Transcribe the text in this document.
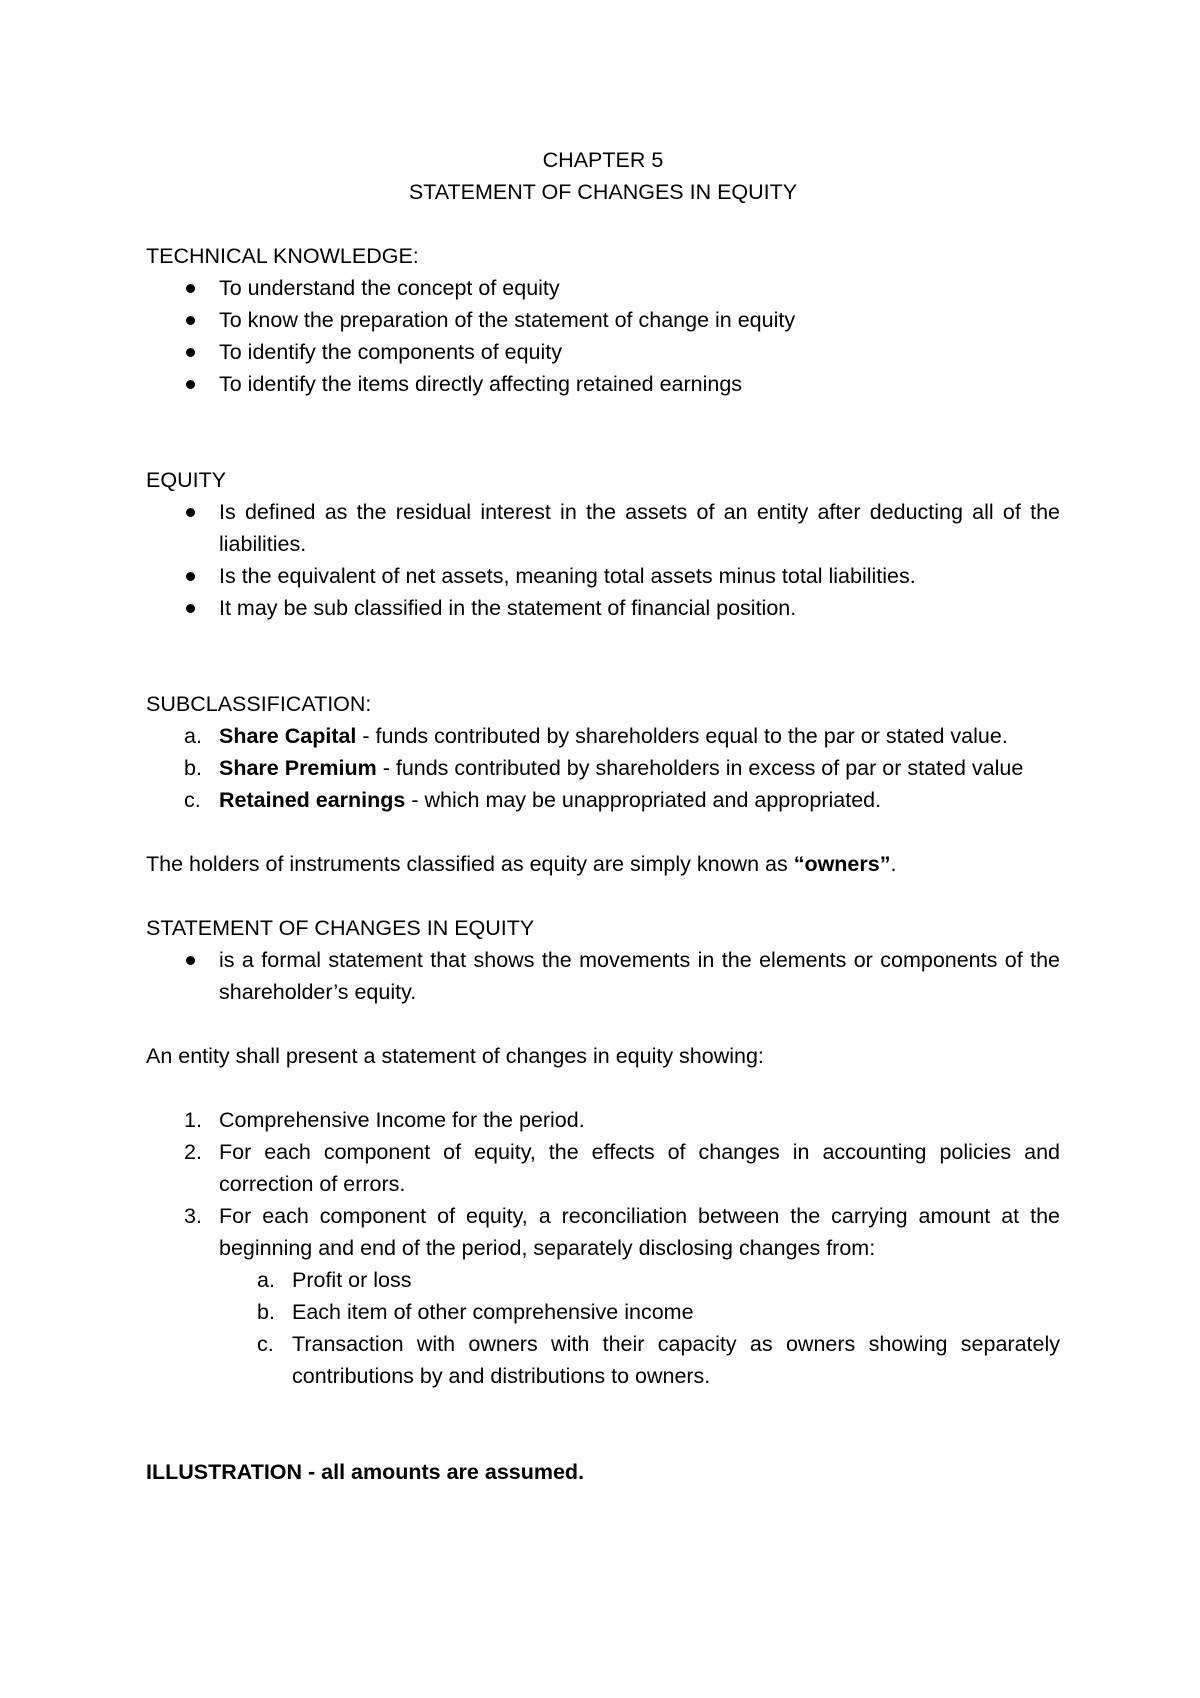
CHAPTER 5
STATEMENT OF CHANGES IN EQUITY
TECHNICAL KNOWLEDGE:
To understand the concept of equity
To know the preparation of the statement of change in equity
To identify the components of equity
To identify the items directly affecting retained earnings
EQUITY
Is defined as the residual interest in the assets of an entity after deducting all of the liabilities.
Is the equivalent of net assets, meaning total assets minus total liabilities.
It may be sub classified in the statement of financial position.
SUBCLASSIFICATION:
a. Share Capital - funds contributed by shareholders equal to the par or stated value.
b. Share Premium - funds contributed by shareholders in excess of par or stated value
c. Retained earnings - which may be unappropriated and appropriated.
The holders of instruments classified as equity are simply known as “owners”.
STATEMENT OF CHANGES IN EQUITY
is a formal statement that shows the movements in the elements or components of the shareholder’s equity.
An entity shall present a statement of changes in equity showing:
1. Comprehensive Income for the period.
2. For each component of equity, the effects of changes in accounting policies and correction of errors.
3. For each component of equity, a reconciliation between the carrying amount at the beginning and end of the period, separately disclosing changes from:
a. Profit or loss
b. Each item of other comprehensive income
c. Transaction with owners with their capacity as owners showing separately contributions by and distributions to owners.
ILLUSTRATION - all amounts are assumed.
